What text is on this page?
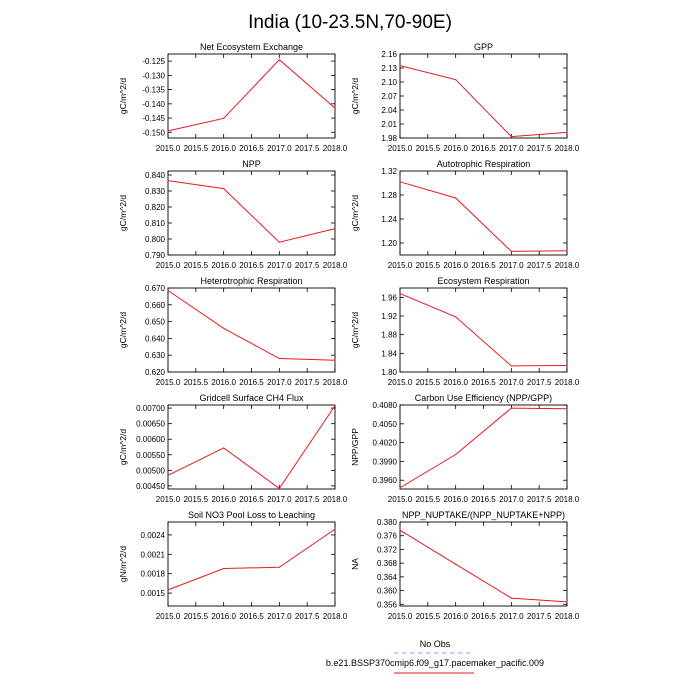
India (10-23.5N,70-90E)
Net Ecosystem Exchange
2015.0 2015.5 2016.0 2016.5 2017.0 2017.5 2018.0
-0.150
-0.145
-0.140
-0.135
-0.130
-0.125
gC/m^2/d
GPP
2015.0 2015.5 2016.0 2016.5 2017.0 2017.5 2018.0
1.98
2.01
2.04
2.07
2.10
2.13
2.16
gC/m^2/d
NPP
2015.0 2015.5 2016.0 2016.5 2017.0 2017.5 2018.0
0.790
0.800
0.810
0.820
0.830
0.840
gC/m^2/d
Autotrophic Respiration
2015.0 2015.5 2016.0 2016.5 2017.0 2017.5 2018.0
1.20
1.24
1.28
1.32
gC/m^2/d
Heterotrophic Respiration
2015.0 2015.5 2016.0 2016.5 2017.0 2017.5 2018.0
0.620
0.630
0.640
0.650
0.660
0.670
gC/m^2/d
Ecosystem Respiration
2015.0 2015.5 2016.0 2016.5 2017.0 2017.5 2018.0
1.80
1.84
1.88
1.92
1.96
gC/m^2/d
Gridcell Surface CH4 Flux
2015.0 2015.5 2016.0 2016.5 2017.0 2017.5 2018.0
0.00450
0.00500
0.00550
0.00600
0.00650
0.00700
gC/m^2/d
Carbon Use Efficiency (NPP/GPP)
2015.0 2015.5 2016.0 2016.5 2017.0 2017.5 2018.0
0.3960
0.3990
0.4020
0.4050
0.4080
NPP/GPP
Soil NO3 Pool Loss to Leaching
2015.0 2015.5 2016.0 2016.5 2017.0 2017.5 2018.0
0.0015
0.0018
0.0021
0.0024
gN/m^2/d
NPP_NUPTAKE/(NPP_NUPTAKE+NPP)
2015.0 2015.5 2016.0 2016.5 2017.0 2017.5 2018.0
0.356
0.360
0.364
0.368
0.372
0.376
0.380
NA
No Obs
b.e21.BSSP370cmip6.f09_g17.pacemaker_pacific.009
